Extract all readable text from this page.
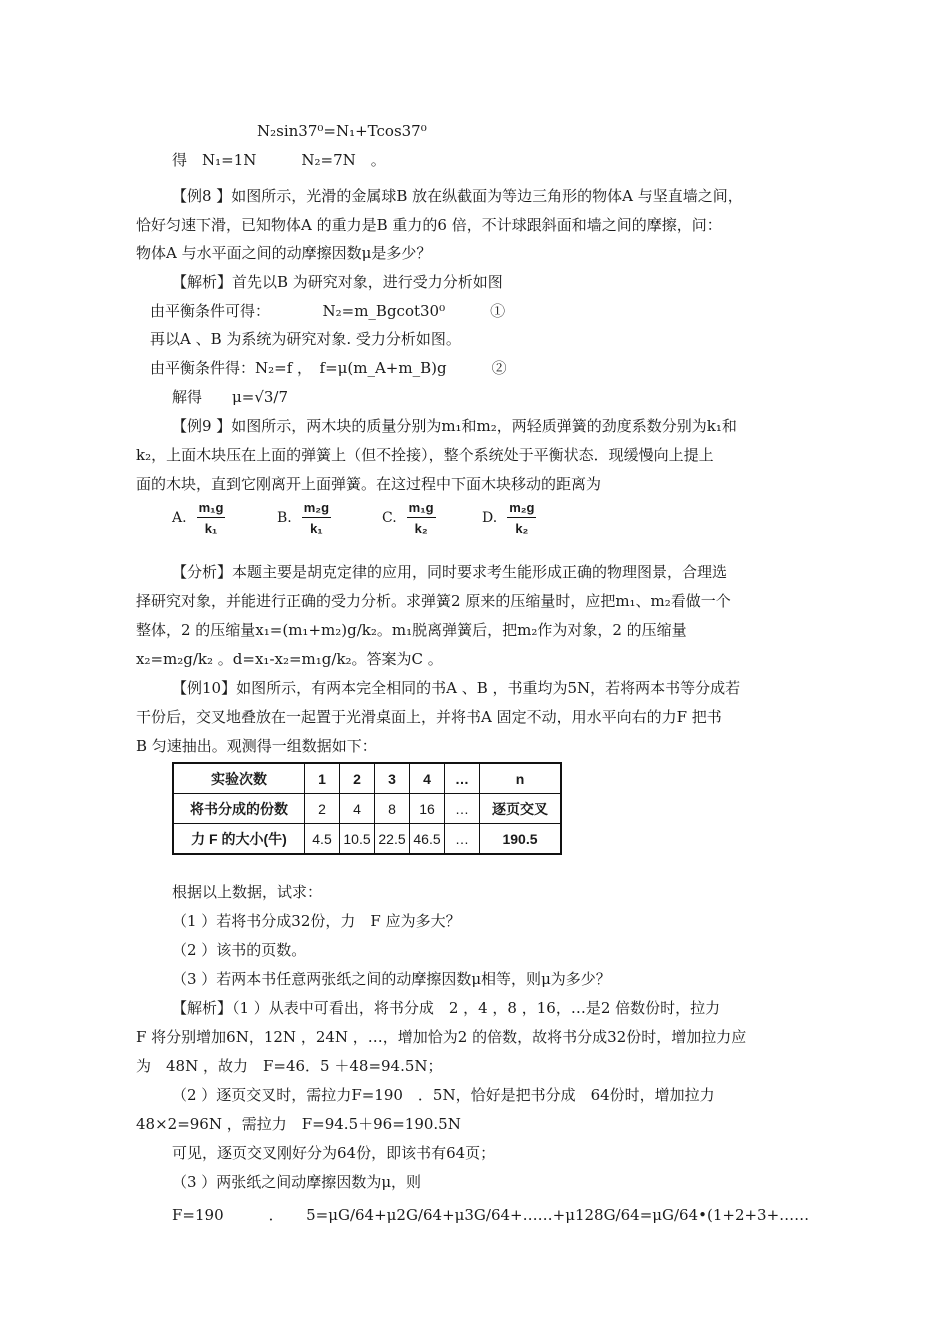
N₂sin37⁰=N₁+Tcos37⁰
得　N₁=1N　　　N₂=7N　。
【例8 】如图所示，光滑的金属球B 放在纵截面为等边三角形的物体A 与坚直墙之间，
恰好匀速下滑，已知物体A 的重力是B 重力的6 倍，不计球跟斜面和墙之间的摩擦，问：
物体A 与水平面之间的动摩擦因数μ是多少？
【解析】首先以B 为研究对象，进行受力分析如图
由平衡条件可得：　　　　N₂=m_Bgcot30⁰　　　①
再以A 、B 为系统为研究对象. 受力分析如图。
由平衡条件得：N₂=f ，　f=μ(m_A+m_B)g　　　②
解得　　μ=√3/7
【例9 】如图所示，两木块的质量分别为m₁和m₂，两轻质弹簧的劲度系数分别为k₁和
k₂，上面木块压在上面的弹簧上（但不拴接），整个系统处于平衡状态．现缓慢向上提上
面的木块，直到它刚离开上面弹簧。在这过程中下面木块移动的距离为
【分析】本题主要是胡克定律的应用，同时要求考生能形成正确的物理图景，合理选
择研究对象，并能进行正确的受力分析。求弹簧2 原来的压缩量时，应把m₁、m₂看做一个
整体，2 的压缩量x₁=(m₁+m₂)g/k₂。m₁脱离弹簧后，把m₂作为对象，2 的压缩量
x₂=m₂g/k₂ 。d=x₁-x₂=m₁g/k₂。答案为C 。
【例10】如图所示，有两本完全相同的书A 、B ，书重均为5N，若将两本书等分成若
干份后，交叉地叠放在一起置于光滑桌面上，并将书A 固定不动，用水平向右的力F 把书
B 匀速抽出。观测得一组数据如下：
根据以上数据，试求：
（1 ）若将书分成32份，力　F 应为多大？
（2 ）该书的页数。
（3 ）若两本书任意两张纸之间的动摩擦因数μ相等，则μ为多少？
【解析】（1 ）从表中可看出，将书分成　2 ，4 ，8 ，16，…是2 倍数份时，拉力
F 将分别增加6N，12N ，24N ，…，增加恰为2 的倍数，故将书分成32份时，增加拉力应
为　48N ，故力　F=46．5 ＋48=94.5N；
（2 ）逐页交叉时，需拉力F=190　．5N，恰好是把书分成　64份时，增加拉力
48×2=96N ，需拉力　F=94.5＋96=190.5N
可见，逐页交叉刚好分为64份，即该书有64页；
（3 ）两张纸之间动摩擦因数为μ，则
F=190　　　．　　5=μG/64+μ2G/64+μ3G/64+……+μ128G/64=μG/64•(1+2+3+……
A. $\frac{\text{m₁g}}{\text{k₁}}$	B. $\frac{\text{m₂g}}{\text{k₁}}$	C. $\frac{\text{m₁g}}{\text{k₂}}$	D. $\frac{\text{m₂g}}{\text{k₂}}$
实验次数	1	2	3	4	…	n
将书分成的份数	2	4	8	16	…	逐页交叉
力 F 的大小(牛)	4.5	10.5	22.5	46.5	…	190.5
